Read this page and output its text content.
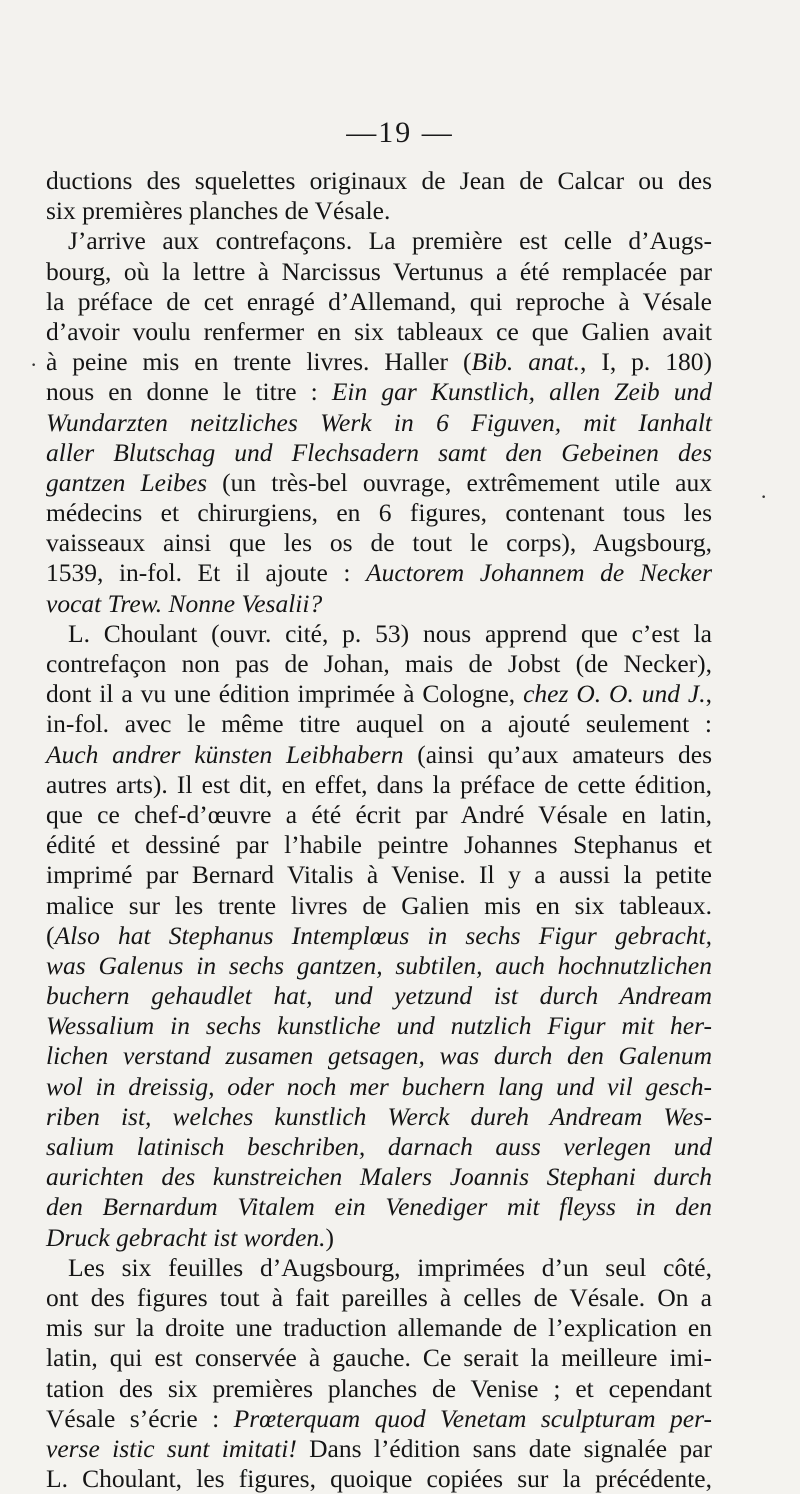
—19 —
ductions des squelettes originaux de Jean de Calcar ou des
six premières planches de Vésale.
J’arrive aux contrefaçons. La première est celle d’Augs-
bourg, où la lettre à Narcissus Vertunus a été remplacée par
la préface de cet enragé d’Allemand, qui reproche à Vésale
d’avoir voulu renfermer en six tableaux ce que Galien avait
à peine mis en trente livres. Haller (Bib. anat., I, p. 180)
nous en donne le titre : Ein gar Kunstlich, allen Zeib und
Wundarzten neitzliches Werk in 6 Figuven, mit Ianhalt
aller Blutschag und Flechsadern samt den Gebeinen des
gantzen Leibes (un très-bel ouvrage, extrêmement utile aux
médecins et chirurgiens, en 6 figures, contenant tous les
vaisseaux ainsi que les os de tout le corps), Augsbourg,
1539, in-fol. Et il ajoute : Auctorem Johannem de Necker
vocat Trew. Nonne Vesalii?
L. Choulant (ouvr. cité, p. 53) nous apprend que c’est la
contrefaçon non pas de Johan, mais de Jobst (de Necker),
dont il a vu une édition imprimée à Cologne, chez O. O. und J.,
in-fol. avec le même titre auquel on a ajouté seulement :
Auch andrer künsten Leibhabern (ainsi qu’aux amateurs des
autres arts). Il est dit, en effet, dans la préface de cette édition,
que ce chef-d’œuvre a été écrit par André Vésale en latin,
édité et dessiné par l’habile peintre Johannes Stephanus et
imprimé par Bernard Vitalis à Venise. Il y a aussi la petite
malice sur les trente livres de Galien mis en six tableaux.
(Also hat Stephanus Intemplœus in sechs Figur gebracht,
was Galenus in sechs gantzen, subtilen, auch hochnutzlichen
buchern gehaudlet hat, und yetzund ist durch Andream
Wessalium in sechs kunstliche und nutzlich Figur mit her-
lichen verstand zusamen getsagen, was durch den Galenum
wol in dreissig, oder noch mer buchern lang und vil gesch-
riben ist, welches kunstlich Werck dureh Andream Wes-
salium latinisch beschriben, darnach auss verlegen und
aurichten des kunstreichen Malers Joannis Stephani durch
den Bernardum Vitalem ein Venediger mit fleyss in den
Druck gebracht ist worden.)
Les six feuilles d’Augsbourg, imprimées d’un seul côté,
ont des figures tout à fait pareilles à celles de Vésale. On a
mis sur la droite une traduction allemande de l’explication en
latin, qui est conservée à gauche. Ce serait la meilleure imi-
tation des six premières planches de Venise ; et cependant
Vésale s’écrie : Prœterquam quod Venetam sculpturam per-
verse istic sunt imitati! Dans l’édition sans date signalée par
L. Choulant, les figures, quoique copiées sur la précédente,
·
·
